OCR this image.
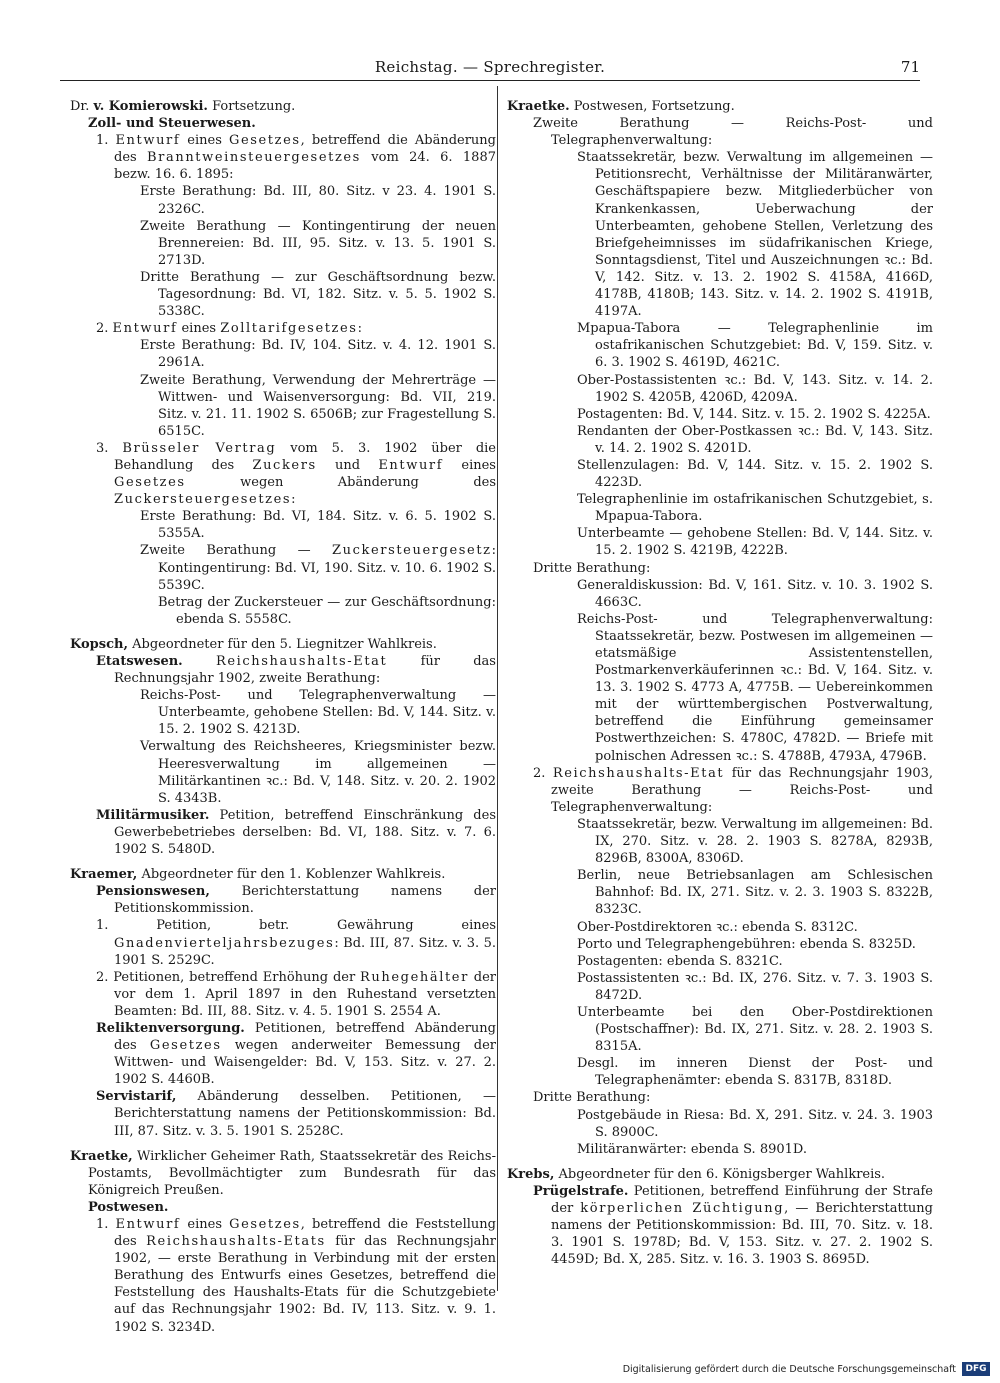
Reichstag. — Sprechregister.	71

Dr. v. Komierowski. Fortsetzung.

Zoll- und Steuerwesen.

1. Entwurf eines Gesetzes, betreffend die Abänderung des Branntweinsteuergesetzes vom 24. 6. 1887 bezw. 16. 6. 1895:

Erste Berathung: Bd. III, 80. Sitz. v 23. 4. 1901 S. 2326C.

Zweite Berathung — Kontingentirung der neuen Brennereien: Bd. III, 95. Sitz. v. 13. 5. 1901 S. 2713D.

Dritte Berathung — zur Geschäftsordnung bezw. Tagesordnung: Bd. VI, 182. Sitz. v. 5. 5. 1902 S. 5338C.

2. Entwurf eines Zolltarifgesetzes:

Erste Berathung: Bd. IV, 104. Sitz. v. 4. 12. 1901 S. 2961A.

Zweite Berathung, Verwendung der Mehrerträge — Wittwen- und Waisenversorgung: Bd. VII, 219. Sitz. v. 21. 11. 1902 S. 6506B; zur Fragestellung S. 6515C.

3. Brüsseler Vertrag vom 5. 3. 1902 über die Behandlung des Zuckers und Entwurf eines Gesetzes wegen Abänderung des Zuckersteuergesetzes:

Erste Berathung: Bd. VI, 184. Sitz. v. 6. 5. 1902 S. 5355A.

Zweite Berathung — Zuckersteuergesetz: Kontingentirung: Bd. VI, 190. Sitz. v. 10. 6. 1902 S. 5539C.

Betrag der Zuckersteuer — zur Geschäftsordnung: ebenda S. 5558C.

Kopsch, Abgeordneter für den 5. Liegnitzer Wahlkreis.

Etatswesen.	Reichshaushalts-Etat für das Rechnungsjahr 1902, zweite Berathung:

Reichs-Post- und Telegraphenverwaltung — Unterbeamte, gehobene Stellen: Bd. V, 144. Sitz. v. 15. 2. 1902 S. 4213D.

Verwaltung des Reichsheeres, Kriegsminister bezw. Heeresverwaltung im allgemeinen — Militärkantinen ꝛc.: Bd. V, 148. Sitz. v. 20. 2. 1902 S. 4343B.

Militärmusiker. Petition, betreffend Einschränkung des Gewerbebetriebes derselben: Bd. VI, 188. Sitz. v. 7. 6. 1902 S. 5480D.

Kraemer, Abgeordneter für den 1. Koblenzer Wahlkreis.

Pensionswesen, Berichterstattung namens der Petitionskommission.

1. Petition, betr. Gewährung eines Gnadenvierteljahrsbezuges: Bd. III, 87. Sitz. v. 3. 5. 1901 S. 2529C.

2. Petitionen, betreffend Erhöhung der Ruhegehälter der vor dem 1. April 1897 in den Ruhestand versetzten Beamten: Bd. III, 88. Sitz. v. 4. 5. 1901 S. 2554 A.

Reliktenversorgung. Petitionen, betreffend Abänderung des Gesetzes wegen anderweiter Bemessung der Wittwen- und Waisengelder: Bd. V, 153. Sitz. v. 27. 2. 1902 S. 4460B.

Servistarif, Abänderung desselben. Petitionen, — Berichterstattung namens der Petitionskommission: Bd. III, 87. Sitz. v. 3. 5. 1901 S. 2528C.

Kraetke, Wirklicher Geheimer Rath, Staatssekretär des Reichs-Postamts, Bevollmächtigter zum Bundesrath für das Königreich Preußen.

Postwesen.

1. Entwurf eines Gesetzes, betreffend die Feststellung des Reichshaushalts-Etats für das Rechnungsjahr 1902, — erste Berathung in Verbindung mit der ersten Berathung des Entwurfs eines Gesetzes, betreffend die Feststellung des Haushalts-Etats für die Schutzgebiete auf das Rechnungsjahr 1902: Bd. IV, 113. Sitz. v. 9. 1. 1902 S. 3234D.

Kraetke. Postwesen, Fortsetzung.

Zweite Berathung — Reichs-Post- und Telegraphenverwaltung:

Staatssekretär, bezw. Verwaltung im allgemeinen — Petitionsrecht, Verhältnisse der Militäranwärter, Geschäftspapiere bezw. Mitgliederbücher von Krankenkassen, Ueberwachung der Unterbeamten, gehobene Stellen, Verletzung des Briefgeheimnisses im südafrikanischen Kriege, Sonntagsdienst, Titel und Auszeichnungen ꝛc.: Bd. V, 142. Sitz. v. 13. 2. 1902 S. 4158A, 4166D, 4178B, 4180B; 143. Sitz. v. 14. 2. 1902 S. 4191B, 4197A.

Mpapua-Tabora — Telegraphenlinie im ostafrikanischen Schutzgebiet: Bd. V, 159. Sitz. v. 6. 3. 1902 S. 4619D, 4621C.

Ober-Postassistenten ꝛc.: Bd. V, 143. Sitz. v. 14. 2. 1902 S. 4205B, 4206D, 4209A.

Postagenten: Bd. V, 144. Sitz. v. 15. 2. 1902 S. 4225A.

Rendanten der Ober-Postkassen ꝛc.: Bd. V, 143. Sitz. v. 14. 2. 1902 S. 4201D.

Stellenzulagen: Bd. V, 144. Sitz. v. 15. 2. 1902 S. 4223D.

Telegraphenlinie im ostafrikanischen Schutzgebiet, s. Mpapua-Tabora.

Unterbeamte — gehobene Stellen: Bd. V, 144. Sitz. v. 15. 2. 1902 S. 4219B, 4222B.

Dritte Berathung:

Generaldiskussion: Bd. V, 161. Sitz. v. 10. 3. 1902 S. 4663C.

Reichs-Post- und Telegraphenverwaltung: Staatssekretär, bezw. Postwesen im allgemeinen — etatsmäßige Assistentenstellen, Postmarkenverkäuferinnen ꝛc.: Bd. V, 164. Sitz. v. 13. 3. 1902 S. 4773 A, 4775B. — Uebereinkommen mit der württembergischen Postverwaltung, betreffend die Einführung gemeinsamer Postwerthzeichen: S. 4780C, 4782D. — Briefe mit polnischen Adressen ꝛc.: S. 4788B, 4793A, 4796B.

2. Reichshaushalts-Etat für das Rechnungsjahr 1903, zweite Berathung — Reichs-Post- und Telegraphenverwaltung:

Staatssekretär, bezw. Verwaltung im allgemeinen: Bd. IX, 270. Sitz. v. 28. 2. 1903 S. 8278A, 8293B, 8296B, 8300A, 8306D.

Berlin, neue Betriebsanlagen am Schlesischen Bahnhof: Bd. IX, 271. Sitz. v. 2. 3. 1903 S. 8322B, 8323C.

Ober-Postdirektoren ꝛc.: ebenda S. 8312C.

Porto und Telegraphengebühren: ebenda S. 8325D.

Postagenten: ebenda S. 8321C.

Postassistenten ꝛc.: Bd. IX, 276. Sitz. v. 7. 3. 1903 S. 8472D.

Unterbeamte bei den Ober-Postdirektionen (Postschaffner): Bd. IX, 271. Sitz. v. 28. 2. 1903 S. 8315A.

Desgl. im inneren Dienst der Post- und Telegraphenämter: ebenda S. 8317B, 8318D.

Dritte Berathung:

Postgebäude in Riesa: Bd. X, 291. Sitz. v. 24. 3. 1903 S. 8900C.

Militäranwärter: ebenda S. 8901D.

Krebs, Abgeordneter für den 6. Königsberger Wahlkreis.

Prügelstrafe. Petitionen, betreffend Einführung der Strafe der körperlichen Züchtigung, — Berichterstattung namens der Petitionskommission: Bd. III, 70. Sitz. v. 18. 3. 1901 S. 1978D; Bd. V, 153. Sitz. v. 27. 2. 1902 S. 4459D; Bd. X, 285. Sitz. v. 16. 3. 1903 S. 8695D.

Digitalisierung gefördert durch die Deutsche Forschungsgemeinschaft	DFG
